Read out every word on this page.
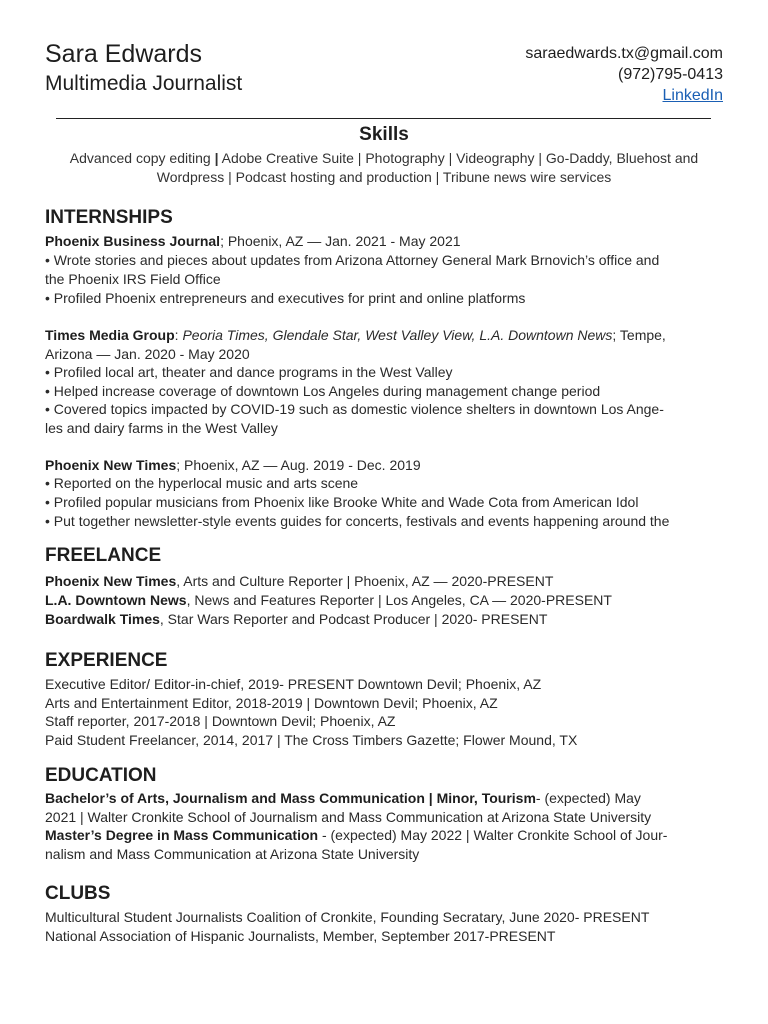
Sara Edwards
Multimedia Journalist
saraedwards.tx@gmail.com
(972)795-0413
LinkedIn
Skills
Advanced copy editing | Adobe Creative Suite | Photography | Videography | Go-Daddy, Bluehost and Wordpress | Podcast hosting and production | Tribune news wire services
INTERNSHIPS
Phoenix Business Journal; Phoenix, AZ — Jan. 2021 - May 2021
• Wrote stories and pieces about updates from Arizona Attorney General Mark Brnovich’s office and
the Phoenix IRS Field Office
• Profiled Phoenix entrepreneurs and executives for print and online platforms
Times Media Group: Peoria Times, Glendale Star, West Valley View, L.A. Downtown News; Tempe,
Arizona — Jan. 2020 - May 2020
• Profiled local art, theater and dance programs in the West Valley
• Helped increase coverage of downtown Los Angeles during management change period
• Covered topics impacted by COVID-19 such as domestic violence shelters in downtown Los Ange-
les and dairy farms in the West Valley
Phoenix New Times; Phoenix, AZ — Aug. 2019 - Dec. 2019
• Reported on the hyperlocal music and arts scene
• Profiled popular musicians from Phoenix like Brooke White and Wade Cota from American Idol
• Put together newsletter-style events guides for concerts, festivals and events happening around the
FREELANCE
Phoenix New Times, Arts and Culture Reporter | Phoenix, AZ — 2020-PRESENT
L.A. Downtown News, News and Features Reporter | Los Angeles, CA — 2020-PRESENT
Boardwalk Times, Star Wars Reporter and Podcast Producer | 2020- PRESENT
EXPERIENCE
Executive Editor/ Editor-in-chief, 2019- PRESENT Downtown Devil; Phoenix, AZ
Arts and Entertainment Editor, 2018-2019 | Downtown Devil; Phoenix, AZ
Staff reporter, 2017-2018 | Downtown Devil; Phoenix, AZ
Paid Student Freelancer, 2014, 2017 | The Cross Timbers Gazette; Flower Mound, TX
EDUCATION
Bachelor’s of Arts, Journalism and Mass Communication | Minor, Tourism- (expected) May
2021 | Walter Cronkite School of Journalism and Mass Communication at Arizona State University
Master’s Degree in Mass Communication - (expected) May 2022 | Walter Cronkite School of Jour-
nalism and Mass Communication at Arizona State University
CLUBS
Multicultural Student Journalists Coalition of Cronkite, Founding Secratary, June 2020- PRESENT
National Association of Hispanic Journalists, Member, September 2017-PRESENT
